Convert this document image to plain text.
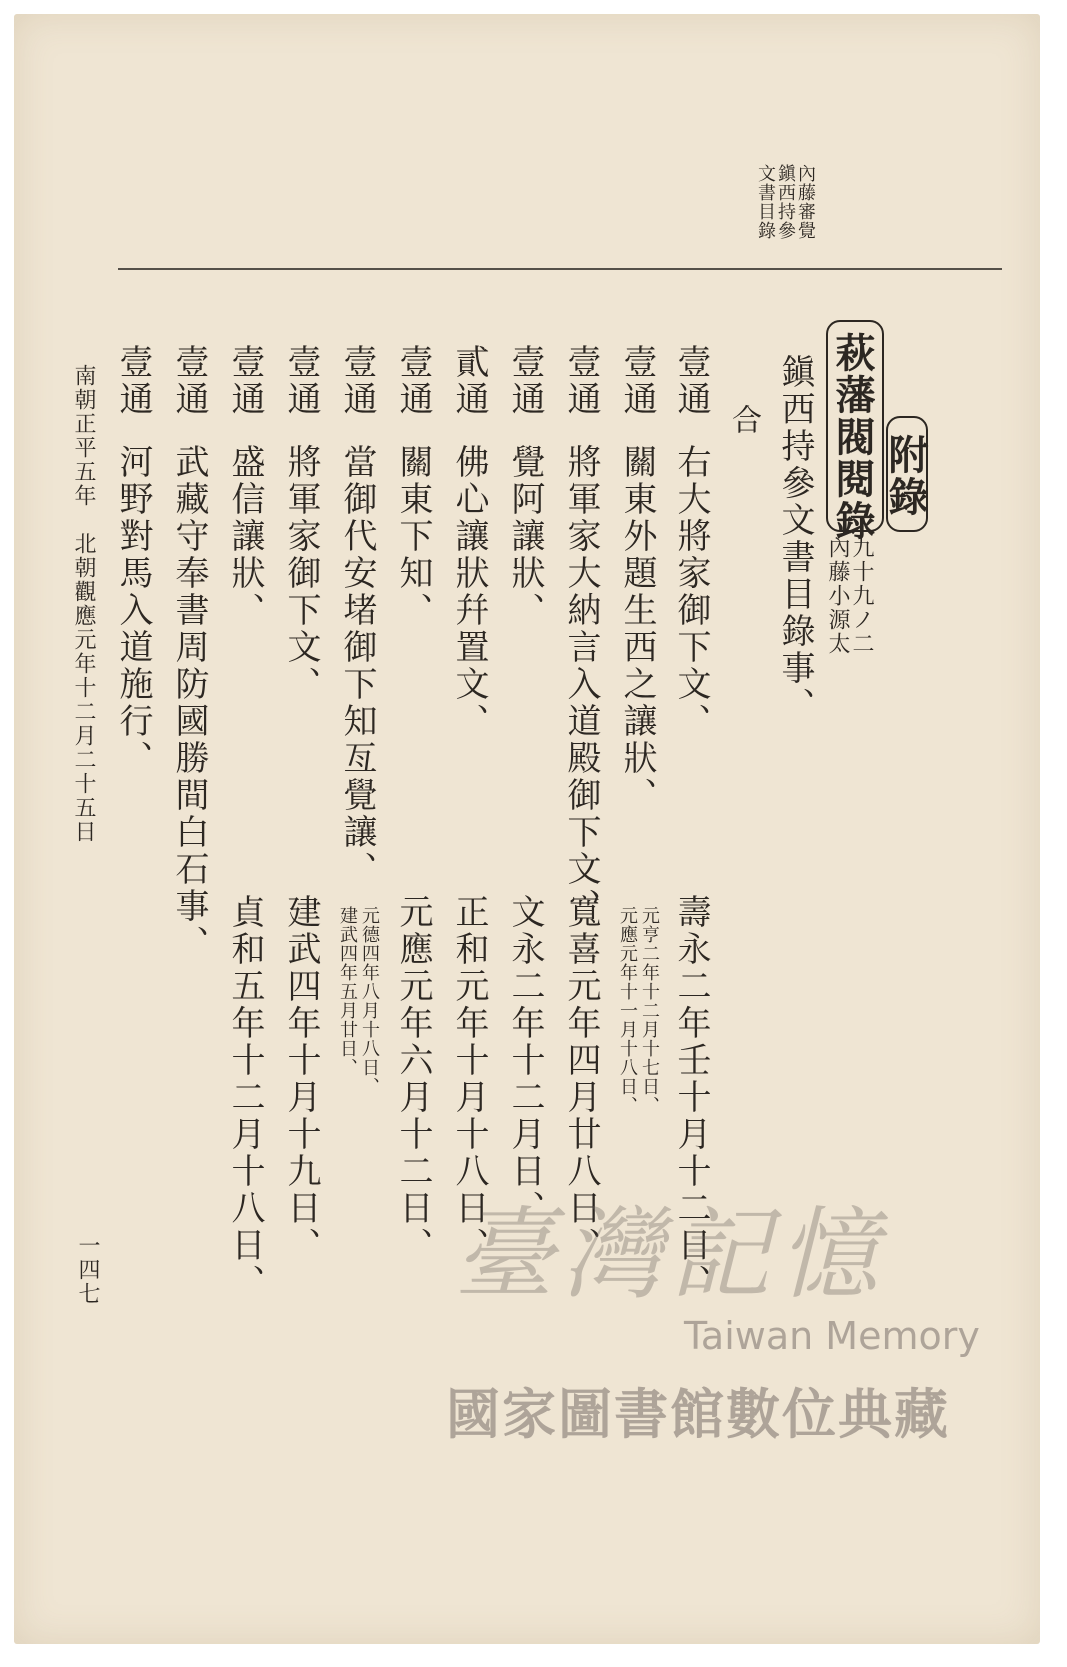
內藤審覺
鎭西持參
文書目錄
附錄
萩藩閥閱錄
九十九ノ二
內藤小源太
鎭西持參文書目錄事、
合
壹通
右大將家御下文、
壽永二年壬十月十二日、
壹通
關東外題生西之讓狀、
元亨二年十二月十七日、
元應元年十一月十八日、
壹通
將軍家大納言入道殿御下文、
寬喜元年四月廿八日、
壹通
覺阿讓狀、
文永二年十二月日、
貳通
佛心讓狀幷置文、
正和元年十月十八日、
壹通
關東下知、
元應元年六月十二日、
壹通
當御代安堵御下知亙覺讓、
元德四年八月十八日、
建武四年五月廿日、
壹通
將軍家御下文、
建武四年十月十九日、
壹通
盛信讓狀、
貞和五年十二月十八日、
壹通
武藏守奉書周防國勝間白石事、
壹通
河野對馬入道施行、
南朝正平五年　北朝觀應元年十二月二十五日
一四七	臺灣記憶
Taiwan Memory
國家圖書館數位典藏
